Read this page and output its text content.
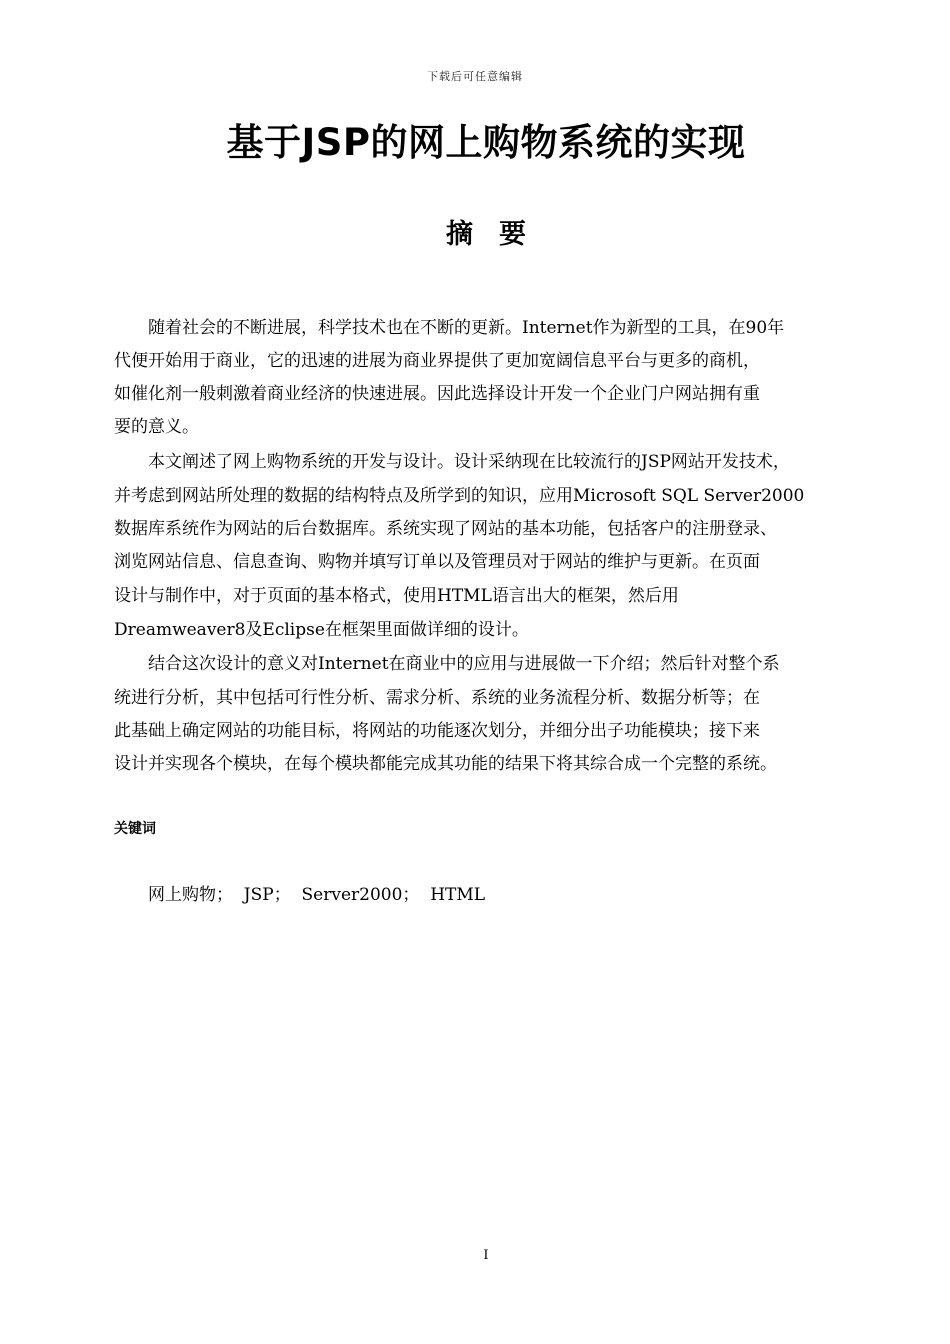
下载后可任意编辑
基于JSP的网上购物系统的实现
摘 要
随着社会的不断进展，科学技术也在不断的更新。Internet作为新型的工具，在90年
代便开始用于商业，它的迅速的进展为商业界提供了更加宽阔信息平台与更多的商机，
如催化剂一般刺激着商业经济的快速进展。因此选择设计开发一个企业门户网站拥有重
要的意义。
本文阐述了网上购物系统的开发与设计。设计采纳现在比较流行的JSP网站开发技术，
并考虑到网站所处理的数据的结构特点及所学到的知识，应用Microsoft SQL Server2000
数据库系统作为网站的后台数据库。系统实现了网站的基本功能，包括客户的注册登录、
浏览网站信息、信息查询、购物并填写订单以及管理员对于网站的维护与更新。在页面
设计与制作中，对于页面的基本格式，使用HTML语言出大的框架，然后用
Dreamweaver8及Eclipse在框架里面做详细的设计。
结合这次设计的意义对Internet在商业中的应用与进展做一下介绍；然后针对整个系
统进行分析，其中包括可行性分析、需求分析、系统的业务流程分析、数据分析等；在
此基础上确定网站的功能目标，将网站的功能逐次划分，并细分出子功能模块；接下来
设计并实现各个模块，在每个模块都能完成其功能的结果下将其综合成一个完整的系统。
关键词
网上购物；  JSP；  Server2000；  HTML
I
